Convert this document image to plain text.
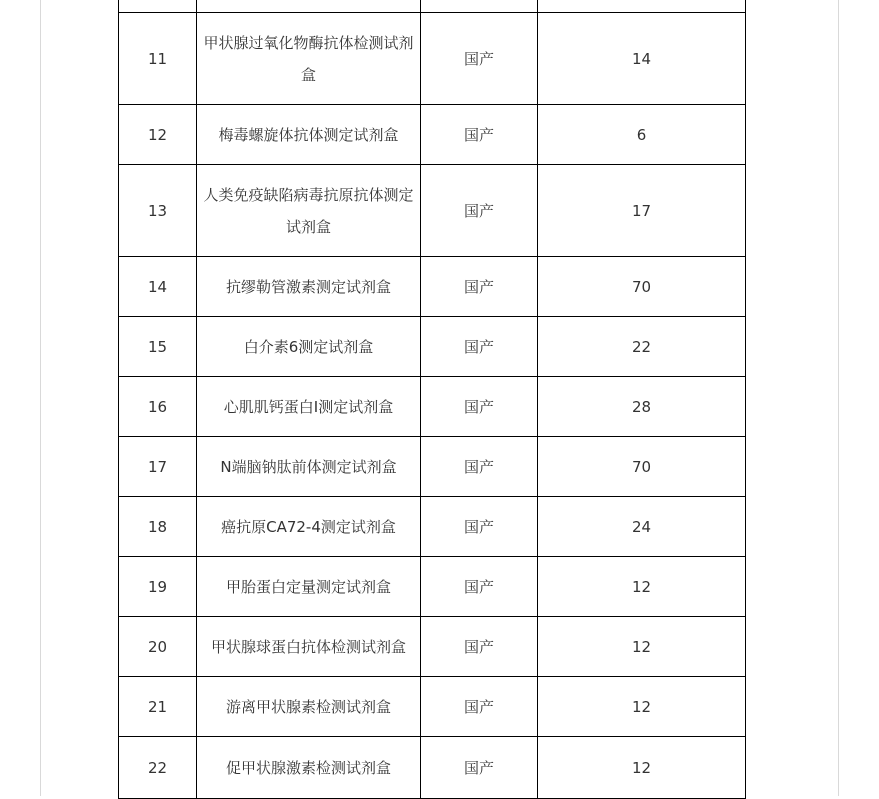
11	甲状腺过氧化物酶抗体检测试剂盒	国产	14
12	梅毒螺旋体抗体测定试剂盒	国产	6
13	人类免疫缺陷病毒抗原抗体测定试剂盒	国产	17
14	抗缪勒管激素测定试剂盒	国产	70
15	白介素6测定试剂盒	国产	22
16	心肌肌钙蛋白I测定试剂盒	国产	28
17	N端脑钠肽前体测定试剂盒	国产	70
18	癌抗原CA72-4测定试剂盒	国产	24
19	甲胎蛋白定量测定试剂盒	国产	12
20	甲状腺球蛋白抗体检测试剂盒	国产	12
21	游离甲状腺素检测试剂盒	国产	12
22	促甲状腺激素检测试剂盒	国产	12
